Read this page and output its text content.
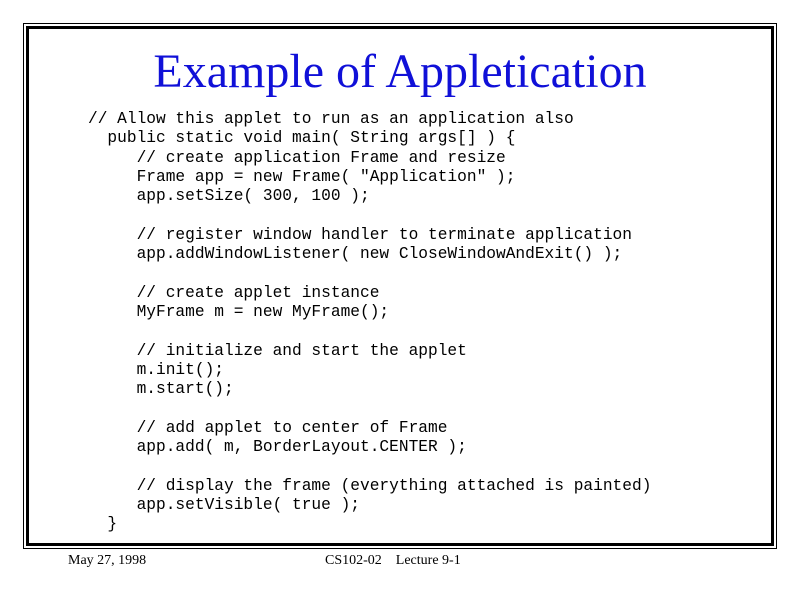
Example of Appletication
// Allow this applet to run as an application also
public static void main( String args[] ) {
// create application Frame and resize
Frame app = new Frame( "Application" );
app.setSize( 300, 100 );
// register window handler to terminate application
app.addWindowListener( new CloseWindowAndExit() );
// create applet instance
MyFrame m = new MyFrame();
// initialize and start the applet
m.init();
m.start();
// add applet to center of Frame
app.add( m, BorderLayout.CENTER );
// display the frame (everything attached is painted)
app.setVisible( true );
}
May 27, 1998	CS102-02    Lecture 9-1
